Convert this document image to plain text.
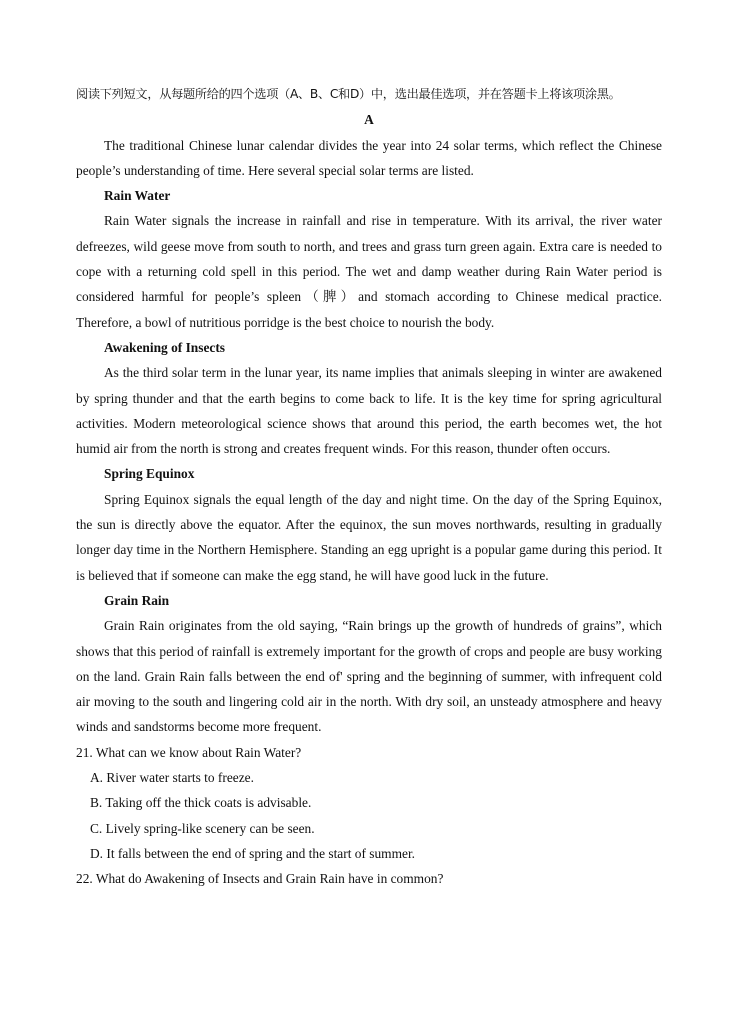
阅读下列短文，从每题所给的四个选项（A、B、C和D）中，选出最佳选项，并在答题卡上将该项涂黑。
A

The traditional Chinese lunar calendar divides the year into 24 solar terms, which reflect the Chinese people’s understanding of time. Here several special solar terms are listed.

Rain Water

Rain Water signals the increase in rainfall and rise in temperature. With its arrival, the river water defreezes, wild geese move from south to north, and trees and grass turn green again. Extra care is needed to cope with a returning cold spell in this period. The wet and damp weather during Rain Water period is considered harmful for people’s spleen（脾）and stomach according to Chinese medical practice. Therefore, a bowl of nutritious porridge is the best choice to nourish the body.

Awakening of Insects

As the third solar term in the lunar year, its name implies that animals sleeping in winter are awakened by spring thunder and that the earth begins to come back to life. It is the key time for spring agricultural activities. Modern meteorological science shows that around this period, the earth becomes wet, the hot humid air from the north is strong and creates frequent winds. For this reason, thunder often occurs.

Spring Equinox

Spring Equinox signals the equal length of the day and night time. On the day of the Spring Equinox, the sun is directly above the equator. After the equinox, the sun moves northwards, resulting in gradually longer day time in the Northern Hemisphere. Standing an egg upright is a popular game during this period. It is believed that if someone can make the egg stand, he will have good luck in the future.

Grain Rain

Grain Rain originates from the old saying, “Rain brings up the growth of hundreds of grains”, which shows that this period of rainfall is extremely important for the growth of crops and people are busy working on the land. Grain Rain falls between the end of' spring and the beginning of summer, with infrequent cold air moving to the south and lingering cold air in the north. With dry soil, an unsteady atmosphere and heavy winds and sandstorms become more frequent.

21. What can we know about Rain Water?

A. River water starts to freeze.

B. Taking off the thick coats is advisable.

C. Lively spring-like scenery can be seen.

D. It falls between the end of spring and the start of summer.

22. What do Awakening of Insects and Grain Rain have in common?
